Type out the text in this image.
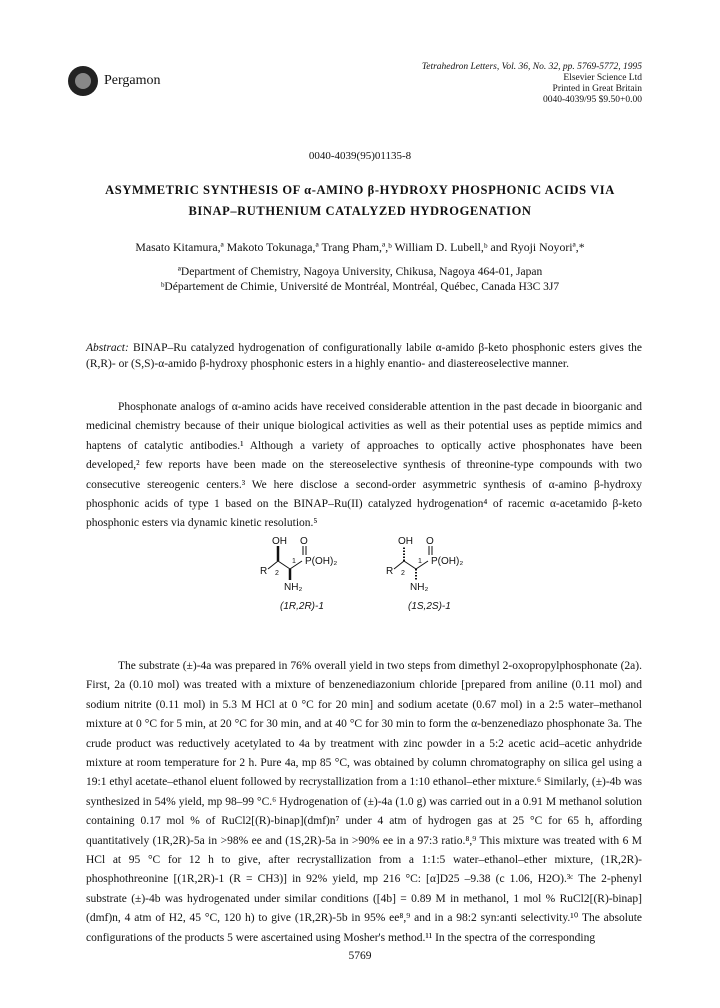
Pergamon
Tetrahedron Letters, Vol. 36, No. 32, pp. 5769-5772, 1995
Elsevier Science Ltd
Printed in Great Britain
0040-4039/95 $9.50+0.00
0040-4039(95)01135-8
ASYMMETRIC SYNTHESIS OF α-AMINO β-HYDROXY PHOSPHONIC ACIDS VIA
BINAP–RUTHENIUM CATALYZED HYDROGENATION
Masato Kitamura,ª Makoto Tokunaga,ª Trang Pham,ª,ᵇ William D. Lubell,ᵇ and Ryoji Noyoriª,*
ªDepartment of Chemistry, Nagoya University, Chikusa, Nagoya 464-01, Japan
ᵇDépartement de Chimie, Université de Montréal, Montréal, Québec, Canada H3C 3J7
Abstract: BINAP–Ru catalyzed hydrogenation of configurationally labile α-amido β-keto phosphonic esters gives the (R,R)- or (S,S)-α-amido β-hydroxy phosphonic esters in a highly enantio- and diastereoselective manner.

Phosphonate analogs of α-amino acids have received considerable attention in the past decade in bioorganic and medicinal chemistry because of their unique biological activities as well as their potential uses as peptide mimics and haptens of catalytic antibodies.¹ Although a variety of approaches to optically active phosphonates have been developed,² few reports have been made on the stereoselective synthesis of threonine-type compounds with two consecutive stereogenic centers.³ We here disclose a second-order asymmetric synthesis of α-amino β-hydroxy phosphonic acids of type 1 based on the BINAP–Ru(II) catalyzed hydrogenation⁴ of racemic α-acetamido β-keto phosphonic esters via dynamic kinetic resolution.⁵

OH O
P(OH)₂
R 2
1
NH₂
(1R,2R)-1
OH O
P(OH)₂
R 2
1
NH₂
(1S,2S)-1

The substrate (±)-4a was prepared in 76% overall yield in two steps from dimethyl 2-oxopropylphosphonate (2a). First, 2a (0.10 mol) was treated with a mixture of benzenediazonium chloride [prepared from aniline (0.11 mol) and sodium nitrite (0.11 mol) in 5.3 M HCl at 0 °C for 20 min] and sodium acetate (0.67 mol) in a 2:5 water–methanol mixture at 0 °C for 5 min, at 20 °C for 30 min, and at 40 °C for 30 min to form the α-benzenediazo phosphonate 3a. The crude product was reductively acetylated to 4a by treatment with zinc powder in a 5:2 acetic acid–acetic anhydride mixture at room temperature for 2 h. Pure 4a, mp 85 °C, was obtained by column chromatography on silica gel using a 19:1 ethyl acetate–ethanol eluent followed by recrystallization from a 1:10 ethanol–ether mixture.⁶ Similarly, (±)-4b was synthesized in 54% yield, mp 98–99 °C.⁶ Hydrogenation of (±)-4a (1.0 g) was carried out in a 0.91 M methanol solution containing 0.17 mol % of RuCl2[(R)-binap](dmf)n⁷ under 4 atm of hydrogen gas at 25 °C for 65 h, affording quantitatively (1R,2R)-5a in >98% ee and (1S,2R)-5a in >90% ee in a 97:3 ratio.⁸,⁹ This mixture was treated with 6 M HCl at 95 °C for 12 h to give, after recrystallization from a 1:1:5 water–ethanol–ether mixture, (1R,2R)-phosphothreonine [(1R,2R)-1 (R = CH3)] in 92% yield, mp 216 °C: [α]D25 –9.38 (c 1.06, H2O).³ᶜ The 2-phenyl substrate (±)-4b was hydrogenated under similar conditions ([4b] = 0.89 M in methanol, 1 mol % RuCl2[(R)-binap](dmf)n, 4 atm of H2, 45 °C, 120 h) to give (1R,2R)-5b in 95% ee⁸,⁹ and in a 98:2 syn:anti selectivity.¹⁰ The absolute configurations of the products 5 were ascertained using Mosher's method.¹¹ In the spectra of the corresponding

5769
